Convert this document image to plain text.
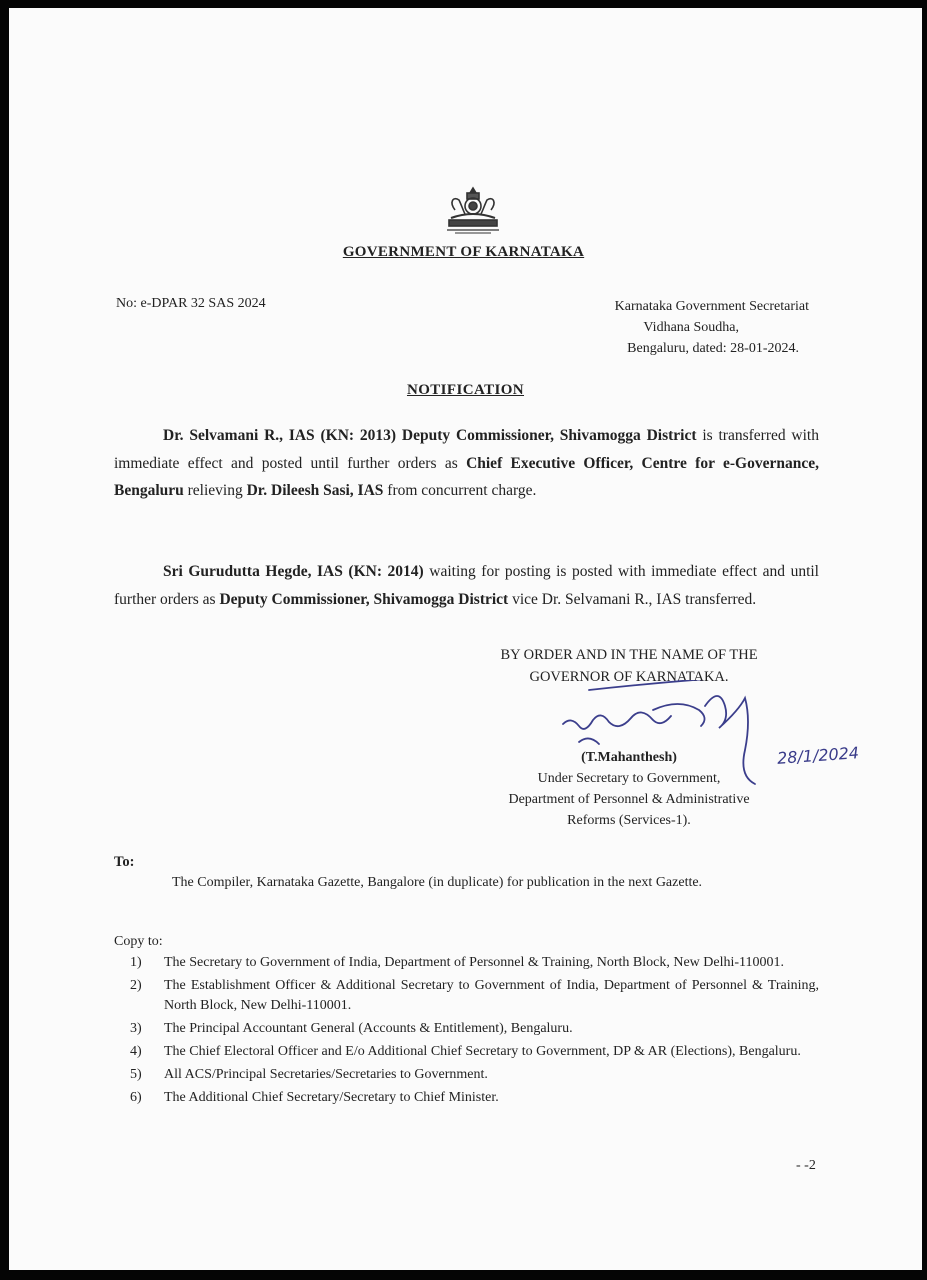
GOVERNMENT OF KARNATAKA
No: e-DPAR 32 SAS 2024	Karnataka Government Secretariat
Vidhana Soudha,
Bengaluru, dated: 28-01-2024.
NOTIFICATION
Dr. Selvamani R., IAS (KN: 2013) Deputy Commissioner, Shivamogga District is transferred with immediate effect and posted until further orders as Chief Executive Officer, Centre for e-Governance, Bengaluru relieving Dr. Dileesh Sasi, IAS from concurrent charge.
Sri Gurudutta Hegde, IAS (KN: 2014) waiting for posting is posted with immediate effect and until further orders as Deputy Commissioner, Shivamogga District vice Dr. Selvamani R., IAS transferred.
BY ORDER AND IN THE NAME OF THE
GOVERNOR OF KARNATAKA.
28/1/2024
(T.Mahanthesh)
Under Secretary to Government,
Department of Personnel & Administrative
Reforms (Services-1).
To:
The Compiler, Karnataka Gazette, Bangalore (in duplicate) for publication in the next Gazette.
Copy to:
1)	The Secretary to Government of India, Department of Personnel & Training, North Block, New Delhi-110001.
2)	The Establishment Officer & Additional Secretary to Government of India, Department of Personnel & Training, North Block, New Delhi-110001.
3)	The Principal Accountant General (Accounts & Entitlement), Bengaluru.
4)	The Chief Electoral Officer and E/o Additional Chief Secretary to Government, DP & AR (Elections), Bengaluru.
5)	All ACS/Principal Secretaries/Secretaries to Government.
6)	The Additional Chief Secretary/Secretary to Chief Minister.
- -2
